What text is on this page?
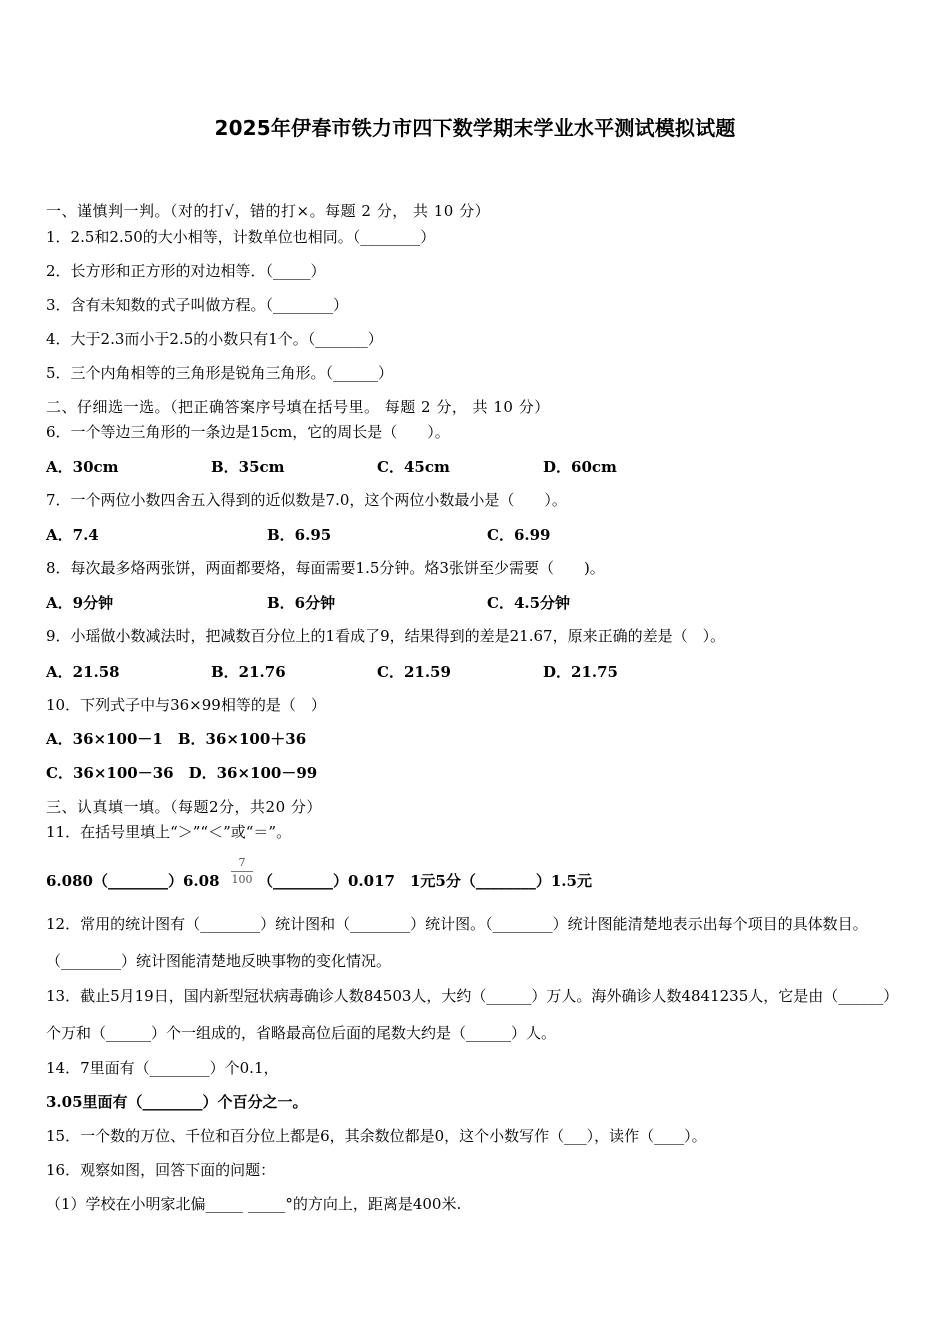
2025年伊春市铁力市四下数学期末学业水平测试模拟试题
一、谨慎判一判。（对的打√，错的打×。每题 2 分， 共 10 分）
1．2.5和2.50的大小相等，计数单位也相同。（________）
2．长方形和正方形的对边相等．（_____）
3．含有未知数的式子叫做方程。（________）
4．大于2.3而小于2.5的小数只有1个。（_______）
5．三个内角相等的三角形是锐角三角形。（______）
二、仔细选一选。（把正确答案序号填在括号里。 每题 2 分， 共 10 分）
6．一个等边三角形的一条边是15cm，它的周长是（　　）。
A．30cm	B．35cm	C．45cm	D．60cm
7．一个两位小数四舍五入得到的近似数是7.0，这个两位小数最小是（　　）。
A．7.4	B．6.95	C．6.99
8．每次最多烙两张饼，两面都要烙，每面需要1.5分钟。烙3张饼至少需要（　　)。
A．9分钟	B．6分钟	C．4.5分钟
9．小瑶做小数减法时，把减数百分位上的1看成了9，结果得到的差是21.67，原来正确的差是（　）。
A．21.58	B．21.76	C．21.59	D．21.75
10．下列式子中与36×99相等的是（　）
A．36×100－1　B．36×100＋36
C．36×100－36　D．36×100－99
三、认真填一填。（每题2分，共20 分）
11．在括号里填上“＞”“＜”或“＝”。
6.080（________）6.08
7
100 （________）0.017 1元5分（________）1.5元
12．常用的统计图有（________）统计图和（________）统计图。（________）统计图能清楚地表示出每个项目的具体数目。（________）统计图能清楚地反映事物的变化情况。
13．截止5月19日，国内新型冠状病毒确诊人数84503人，大约（______）万人。海外确诊人数4841235人，它是由（______）个万和（______）个一组成的，省略最高位后面的尾数大约是（______）人。
14．7里面有（________）个0.1，
3.05里面有（________）个百分之一。
15．一个数的万位、千位和百分位上都是6，其余数位都是0，这个小数写作（___），读作（____）。
16．观察如图，回答下面的问题：
（1）学校在小明家北偏_____ _____°的方向上，距离是400米.
